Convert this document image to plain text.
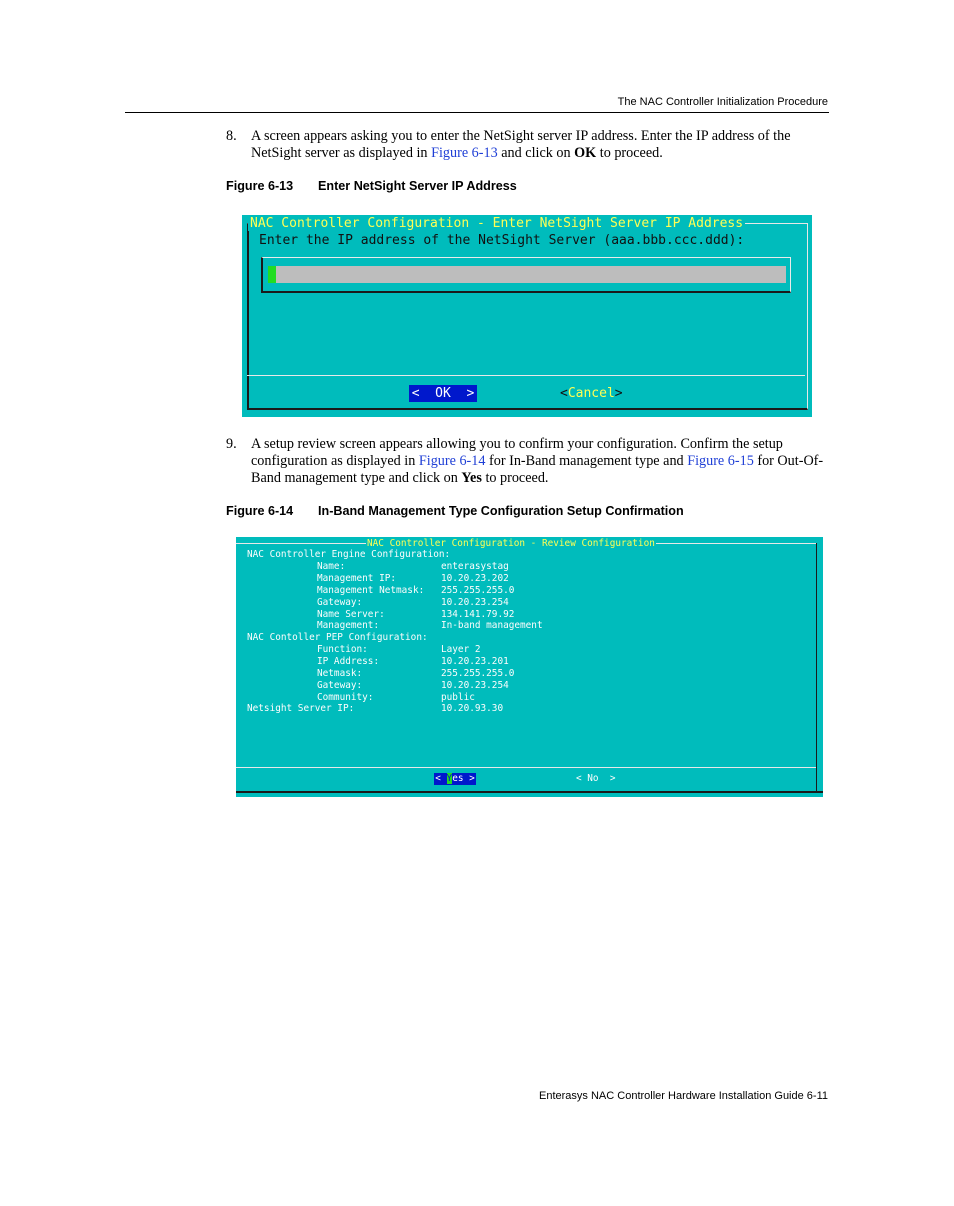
The NAC Controller Initialization Procedure
8. A screen appears asking you to enter the NetSight server IP address. Enter the IP address of the NetSight server as displayed in Figure 6-13 and click on OK to proceed.
Figure 6-13 Enter NetSight Server IP Address
NAC Controller Configuration - Enter NetSight Server IP Address
Enter the IP address of the NetSight Server (aaa.bbb.ccc.ddd):
<  OK  >	<Cancel>
9. A setup review screen appears allowing you to confirm your configuration. Confirm the setup configuration as displayed in Figure 6-14 for In-Band management type and Figure 6-15 for Out-Of-Band management type and click on Yes to proceed.
Figure 6-14 In-Band Management Type Configuration Setup Confirmation
NAC Controller Configuration - Review Configuration
NAC Controller Engine Configuration:
Name:	enterasystag
Management IP:	10.20.23.202
Management Netmask: 255.255.255.0
Gateway:	10.20.23.254
Name Server:	134.141.79.92
Management:	In-band management
NAC Contoller PEP Configuration:
Function:	Layer 2
IP Address:	10.20.23.201
Netmask:	255.255.255.0
Gateway:	10.20.23.254
Community:	public
Netsight Server IP:	10.20.93.30
< Yes >	< No  >
Enterasys NAC Controller Hardware Installation Guide 6-11
